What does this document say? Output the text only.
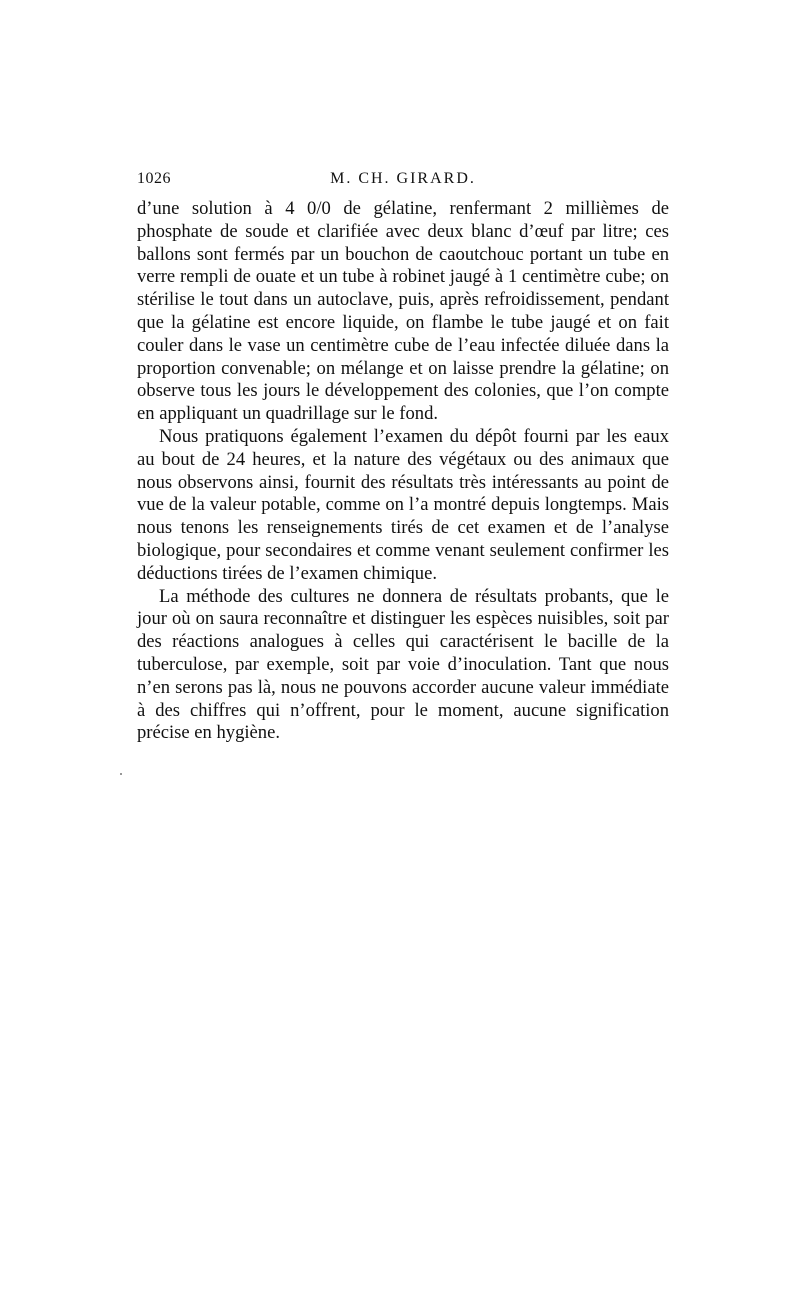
1026	M. CH. GIRARD.

d’une solution à 4 0/0 de gélatine, renfermant 2 millièmes de phosphate de soude et clarifiée avec deux blanc d’œuf par litre; ces ballons sont fermés par un bouchon de caoutchouc portant un tube en verre rempli de ouate et un tube à robinet jaugé à 1 centimètre cube; on stérilise le tout dans un autoclave, puis, après refroidissement, pendant que la gélatine est encore liquide, on flambe le tube jaugé et on fait couler dans le vase un centimètre cube de l’eau infectée diluée dans la proportion convenable; on mélange et on laisse prendre la gélatine; on observe tous les jours le développement des colonies, que l’on compte en appliquant un quadrillage sur le fond.

Nous pratiquons également l’examen du dépôt fourni par les eaux au bout de 24 heures, et la nature des végétaux ou des animaux que nous observons ainsi, fournit des résultats très intéressants au point de vue de la valeur potable, comme on l’a montré depuis longtemps. Mais nous tenons les renseignements tirés de cet examen et de l’analyse biologique, pour secondaires et comme venant seulement confirmer les déductions tirées de l’examen chimique.

La méthode des cultures ne donnera de résultats probants, que le jour où on saura reconnaître et distinguer les espèces nuisibles, soit par des réactions analogues à celles qui caractérisent le bacille de la tuberculose, par exemple, soit par voie d’inoculation. Tant que nous n’en serons pas là, nous ne pouvons accorder aucune valeur immédiate à des chiffres qui n’offrent, pour le moment, aucune signification précise en hygiène.
